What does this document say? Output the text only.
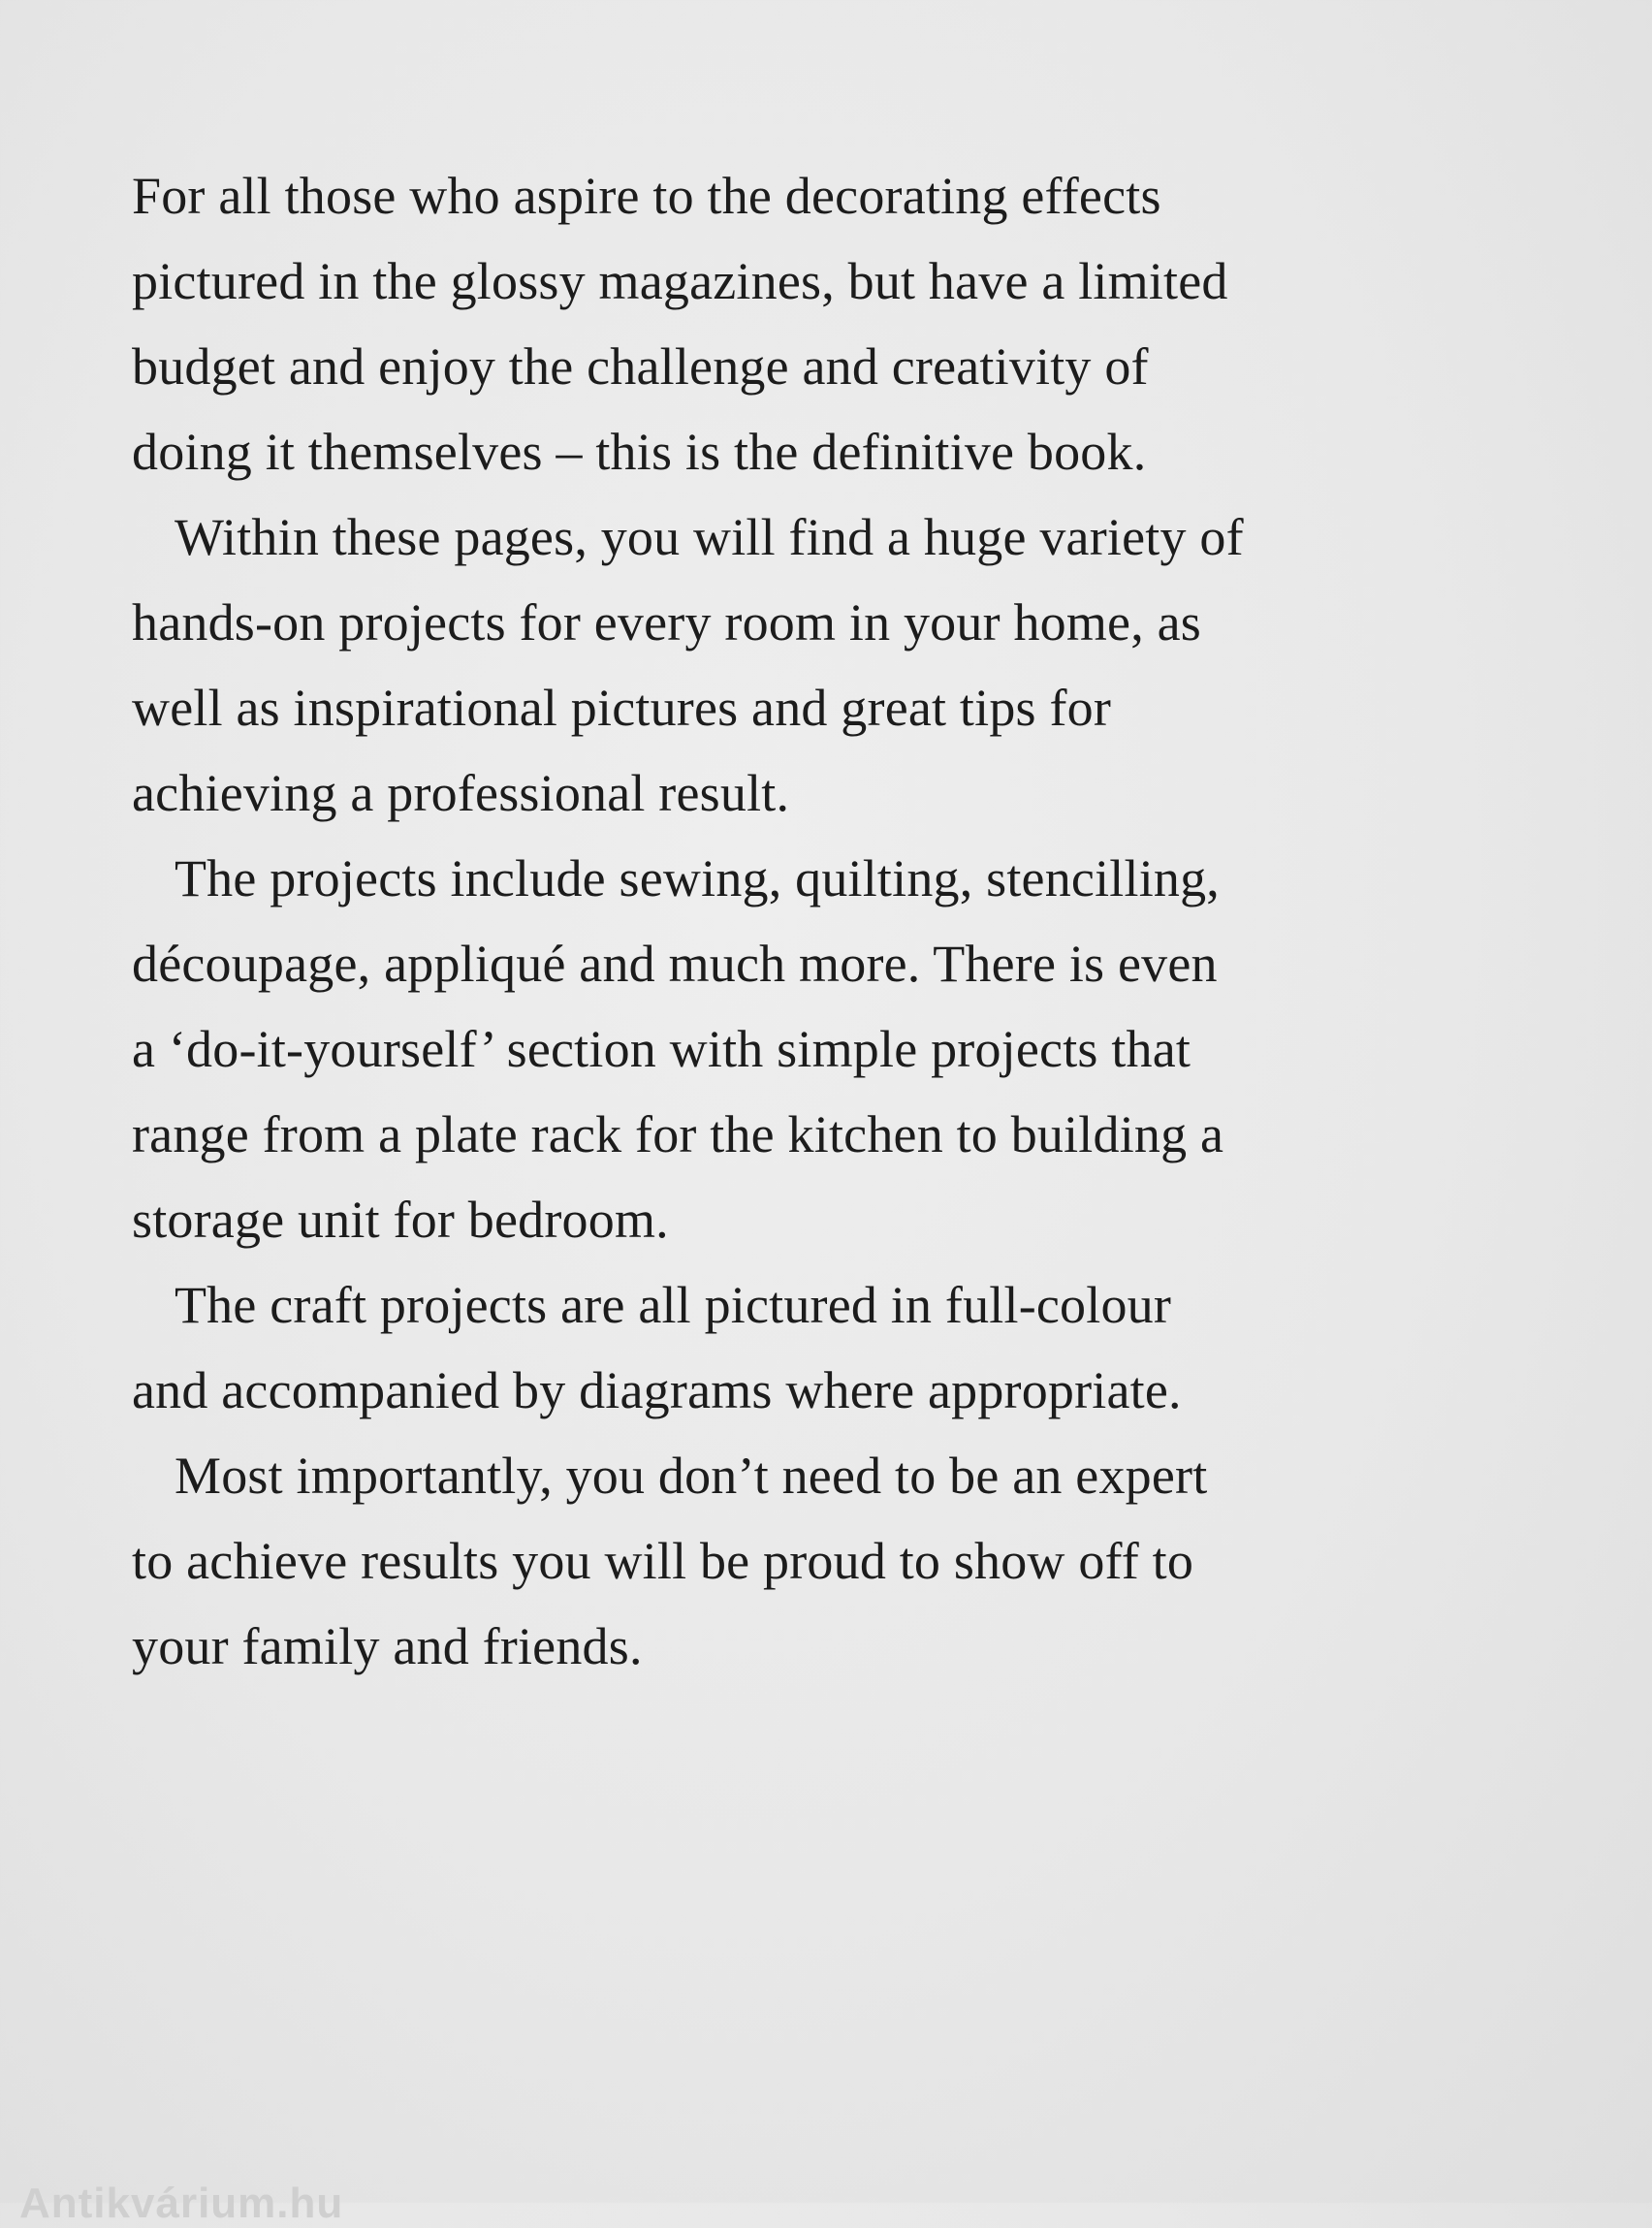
For all those who aspire to the decorating effects
pictured in the glossy magazines, but have a limited
budget and enjoy the challenge and creativity of
doing it themselves – this is the definitive book.

Within these pages, you will find a huge variety of
hands-on projects for every room in your home, as
well as inspirational pictures and great tips for
achieving a professional result.

The projects include sewing, quilting, stencilling,
découpage, appliqué and much more. There is even
a ‘do-it-yourself’ section with simple projects that
range from a plate rack for the kitchen to building a
storage unit for bedroom.

The craft projects are all pictured in full-colour
and accompanied by diagrams where appropriate.

Most importantly, you don’t need to be an expert
to achieve results you will be proud to show off to
your family and friends.

Antikvárium.hu
